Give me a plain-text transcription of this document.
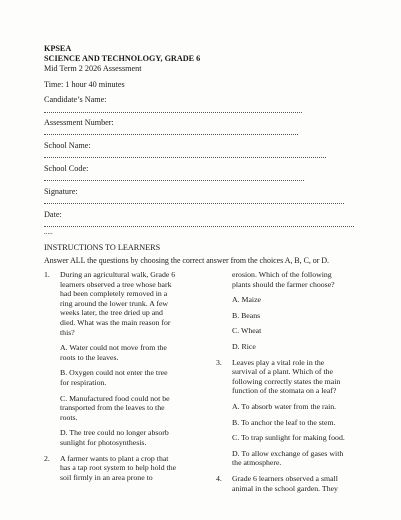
KPSEA
SCIENCE AND TECHNOLOGY, GRADE 6
Mid Term 2 2026 Assessment
Time: 1 hour 40 minutes
Candidate’s Name:
Assessment Number:
School Name:
School Code:
Signature:
Date:
.....
INSTRUCTIONS TO LEARNERS
Answer ALL the questions by choosing the correct answer from the choices A, B, C, or D.
1. During an agricultural walk, Grade 6
learners observed a tree whose bark
had been completely removed in a
ring around the lower trunk. A few
weeks later, the tree dried up and
died. What was the main reason for
this?
A. Water could not move from the
roots to the leaves.
B. Oxygen could not enter the tree
for respiration.
C. Manufactured food could not be
transported from the leaves to the
roots.
D. The tree could no longer absorb
sunlight for photosynthesis.
2. A farmer wants to plant a crop that
has a tap root system to help hold the
soil firmly in an area prone to
erosion. Which of the following
plants should the farmer choose?
A. Maize
B. Beans
C. Wheat
D. Rice
3. Leaves play a vital role in the
survival of a plant. Which of the
following correctly states the main
function of the stomata on a leaf?
A. To absorb water from the rain.
B. To anchor the leaf to the stem.
C. To trap sunlight for making food.
D. To allow exchange of gases with
the atmosphere.
4. Grade 6 learners observed a small
animal in the school garden. They
